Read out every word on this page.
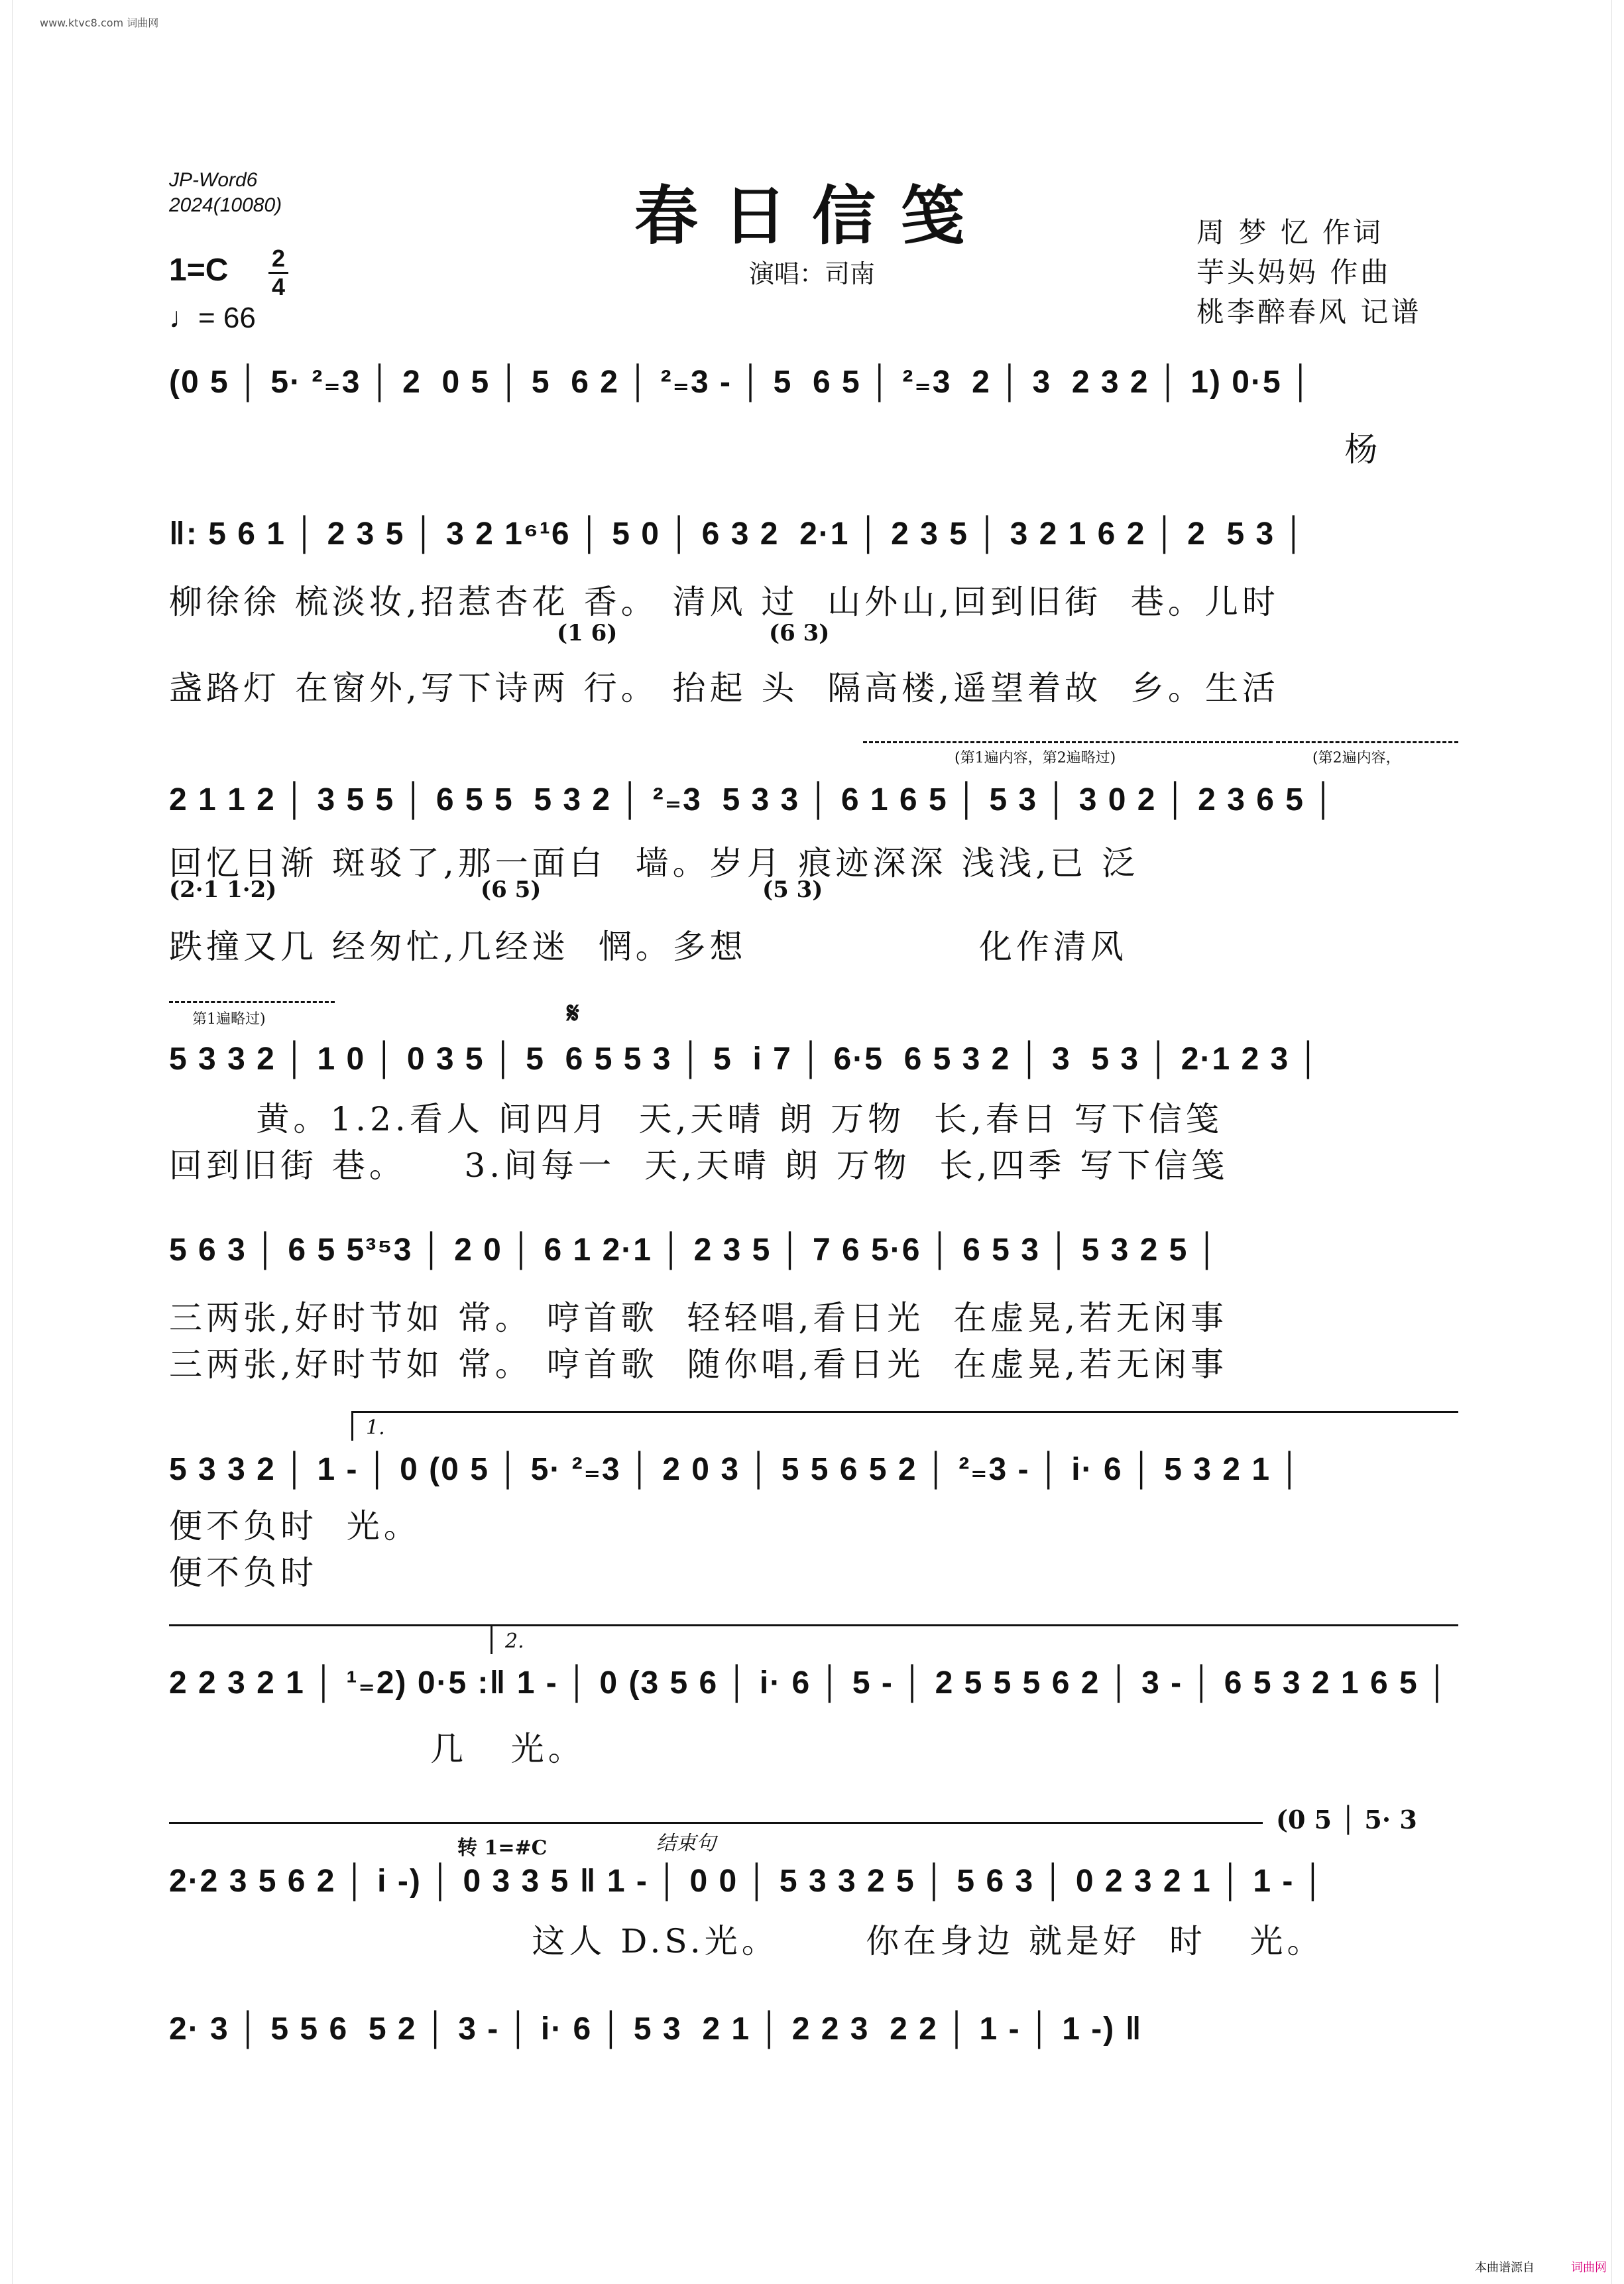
www.ktvc8.com 词曲网
JP-Word6
2024(10080)	春日信笺
演唱：司南
周 梦 忆 作词
芋头妈妈 作曲
桃李醉春风 记谱
1=C 2
4
♩= 66
(0 5 │ 5· ²₌3 │ 2  0 5 │ 5  6 2 │ ²₌3 - │ 5  6 5 │ ²₌3  2 │ 3  2 3 2 │ 1) 0·5 │
杨
‖: 5 6 1 │ 2 3 5 │ 3 2 1⁶¹6 │ 5 0 │ 6 3 2  2·1 │ 2 3 5 │ 3 2 1 6 2 │ 2  5 3 │
柳徐徐 梳淡妆,招惹杏花 香。 清风 过  山外山,回到旧街  巷。儿时
(1 6)	(6 3)
盏路灯 在窗外,写下诗两 行。 抬起 头  隔高楼,遥望着故  乡。生活
(第1遍内容，第2遍略过)	(第2遍内容，
2 1 1 2 │ 3 5 5 │ 6 5 5  5 3 2 │ ²₌3  5 3 3 │ 6 1 6 5 │ 5 3 │ 3 0 2 │ 2 3 6 5 │
回忆日渐 斑驳了,那一面白  墙。岁月 痕迹深深 浅浅,已 泛
(2·1 1·2)	(6 5)	(5 3)
跌撞又几 经匆忙,几经迷  惘。多想                化作清风
第1遍略过)	𝄋
5 3 3 2 │ 1 0 │ 0 3 5 │ 5  6 5 5 3 │ 5  i 7 │ 6·5  6 5 3 2 │ 3  5 3 │ 2·1 2 3 │
黄。1.2.看人 间四月  天,天晴 朗 万物  长,春日 写下信笺
回到旧街 巷。    3.间每一  天,天晴 朗 万物  长,四季 写下信笺
5 6 3 │ 6 5 5³⁵3 │ 2 0 │ 6 1 2·1 │ 2 3 5 │ 7 6 5·6 │ 6 5 3 │ 5 3 2 5 │
三两张,好时节如 常。 哼首歌  轻轻唱,看日光  在虚晃,若无闲事
三两张,好时节如 常。 哼首歌  随你唱,看日光  在虚晃,若无闲事
1.
5 3 3 2 │ 1 - │ 0 (0 5 │ 5· ²₌3 │ 2 0 3 │ 5 5 6 5 2 │ ²₌3 - │ i· 6 │ 5 3 2 1 │
便不负时  光。
便不负时
2.
2 2 3 2 1 │ ¹₌2) 0·5 :‖ 1 - │ 0 (3 5 6 │ i· 6 │ 5 - │ 2 5 5 5 6 2 │ 3 - │ 6 5 3 2 1 6 5 │
几   光。
结束句
转 1=#C
(0 5 │ 5· 3
2·2 3 5 6 2 │ i -) │ 0 3 3 5 ‖ 1 - │ 0 0 │ 5 3 3 2 5 │ 5 6 3 │ 0 2 3 2 1 │ 1 - │
这人 D.S.光。      你在身边 就是好  时   光。
2· 3 │ 5 5 6  5 2 │ 3 - │ i· 6 │ 5 3  2 1 │ 2 2 3  2 2 │ 1 - │ 1 -) ‖
本曲谱源自	词曲网
